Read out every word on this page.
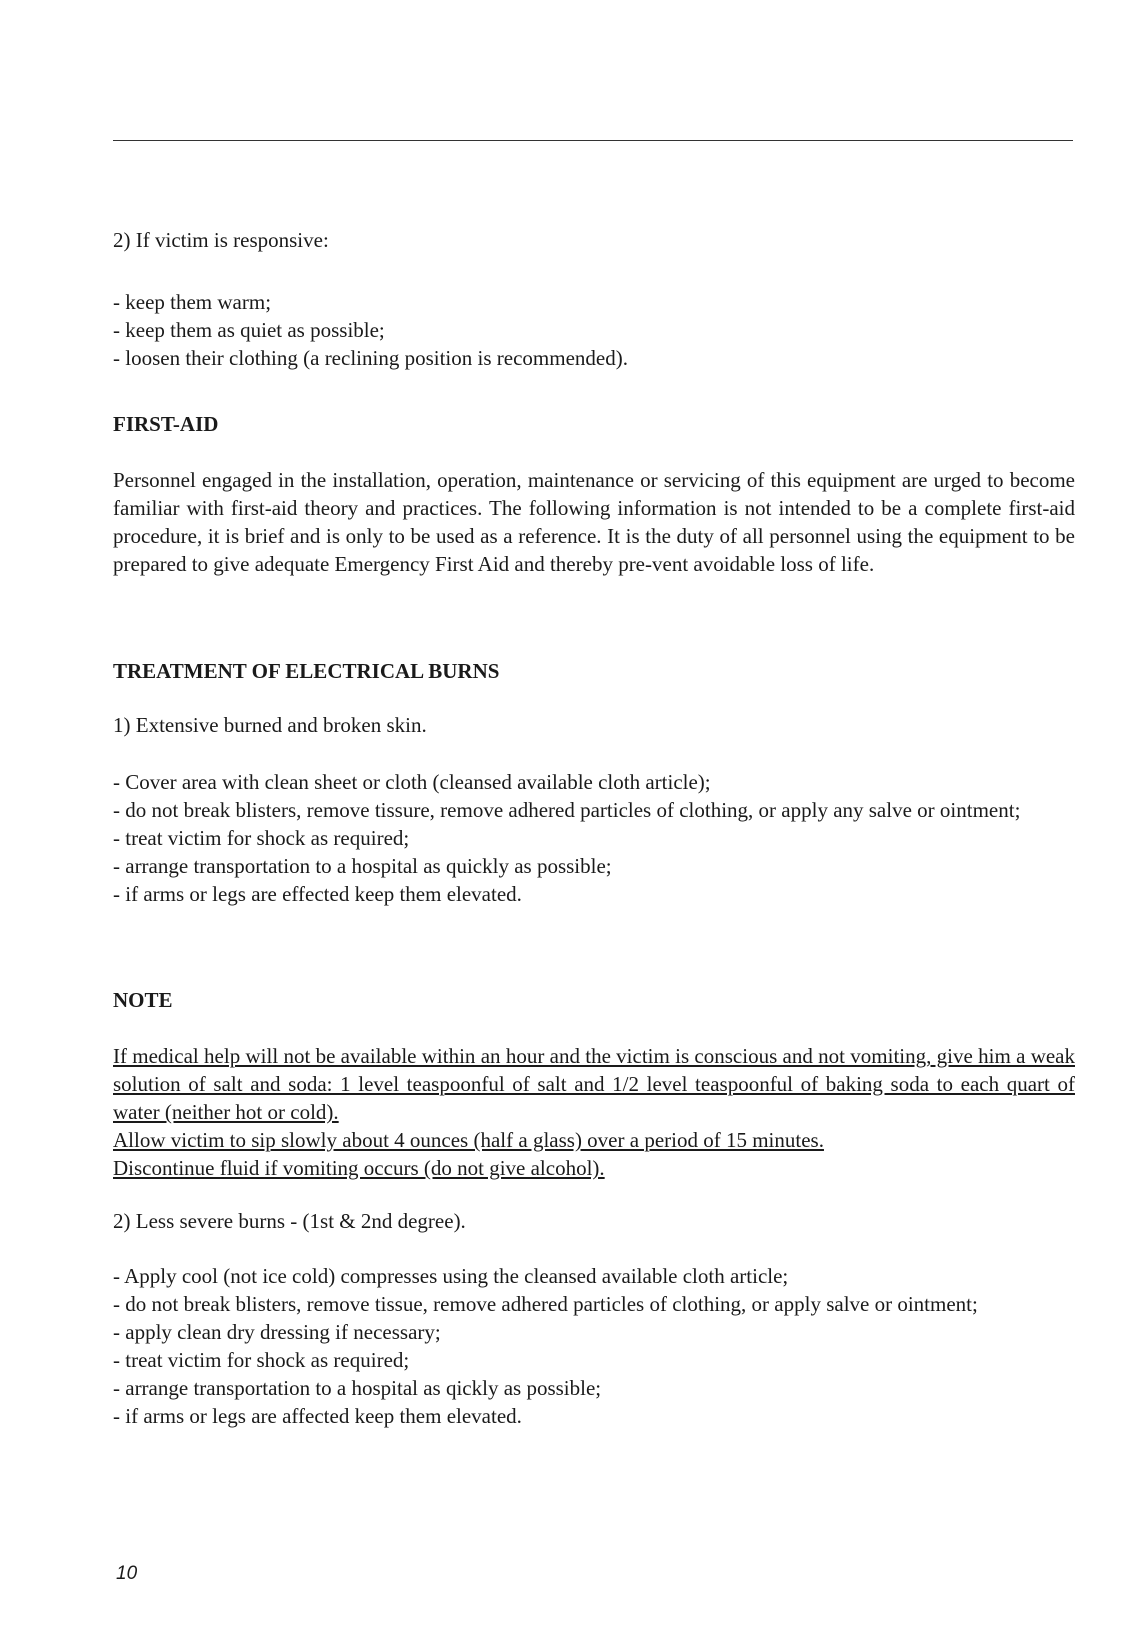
2) If victim is responsive:

- keep them warm;
- keep them as quiet as possible;
- loosen their clothing (a reclining position is recommended).
FIRST-AID

Personnel engaged in the installation, operation, maintenance or servicing of this equipment are urged to become familiar with first-aid theory and practices. The following information is not intended to be a complete first-aid procedure, it is brief and is only to be used as a reference. It is the duty of all personnel using the equipment to be prepared to give adequate Emergency First Aid and thereby pre-vent avoidable loss of life.

TREATMENT OF ELECTRICAL BURNS

1) Extensive burned and broken skin.

- Cover area with clean sheet or cloth (cleansed available cloth article);
- do not break blisters, remove tissure, remove adhered particles of clothing, or apply any salve or ointment;
- treat victim for shock as required;
- arrange transportation to a hospital as quickly as possible;
- if arms or legs are effected keep them elevated.
NOTE
If medical help will not be available within an hour and the victim is conscious and not vomiting, give him a weak solution of salt and soda: 1 level teaspoonful of salt and 1/2 level teaspoonful of baking soda to each quart of water (neither hot or cold).
Allow victim to sip slowly about 4 ounces (half a glass) over a period of 15 minutes.
Discontinue fluid if vomiting occurs (do not give alcohol).

2) Less severe burns - (1st & 2nd degree).

- Apply cool (not ice cold) compresses using the cleansed available cloth article;
- do not break blisters, remove tissue, remove adhered particles of clothing, or apply salve or ointment;
- apply clean dry dressing if necessary;
- treat victim for shock as required;
- arrange transportation to a hospital as qickly as possible;
- if arms or legs are affected keep them elevated.
10
